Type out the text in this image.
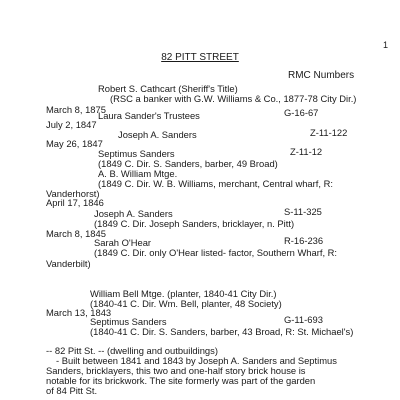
1
82 PITT STREET
RMC Numbers
Robert S. Cathcart (Sheriff's Title)
(RSC a banker with G.W. Williams & Co., 1877-78 City Dir.)
March 8, 1875
Laura Sander's Trustees	G-16-67
July 2, 1847
Joseph A. Sanders	Z-11-122
May 26, 1847
Septimus Sanders	Z-11-12
(1849 C. Dir. S. Sanders, barber, 49 Broad)
A. B. William Mtge.
(1849 C. Dir. W. B. Williams, merchant, Central wharf, R:
Vanderhorst)
April 17, 1846
Joseph A. Sanders	S-11-325
(1849 C. Dir. Joseph Sanders, bricklayer, n. Pitt)
March 8, 1845
Sarah O'Hear	R-16-236
(1849 C. Dir. only O'Hear listed- factor, Southern Wharf, R:
Vanderbilt)
William Bell Mtge. (planter, 1840-41 City Dir.)
(1840-41 C. Dir. Wm. Bell, planter, 48 Society)
March 13, 1843
Septimus Sanders	G-11-693
(1840-41 C. Dir. S. Sanders, barber, 43 Broad, R: St. Michael's)
-- 82 Pitt St. -- (dwelling and outbuildings)
- Built between 1841 and 1843 by Joseph A. Sanders and Septimus
Sanders, bricklayers, this two and one-half story brick house is
notable for its brickwork. The site formerly was part of the garden
of 84 Pitt St.
